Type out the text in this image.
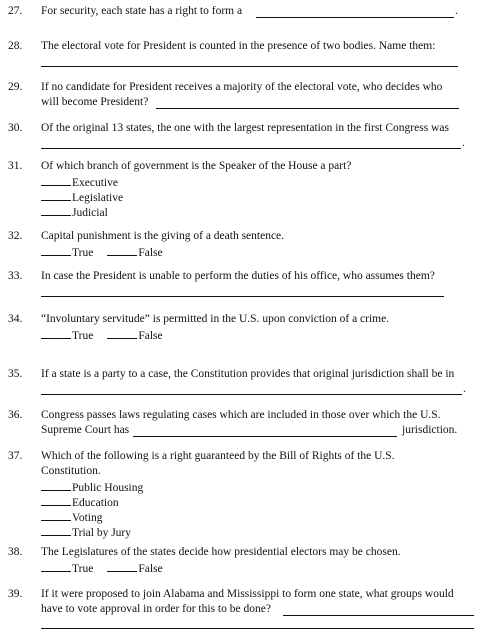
27. For security, each state has a right to form a	.
28. The electoral vote for President is counted in the presence of two bodies. Name them:
29. If no candidate for President receives a majority of the electoral vote, who decides who
will become President?
30. Of the original 13 states, the one with the largest representation in the first Congress was
.
31. Of which branch of government is the Speaker of the House a part?
Executive
Legislative
Judicial
32. Capital punishment is the giving of a death sentence.
True	False
33. In case the President is unable to perform the duties of his office, who assumes them?
34. “Involuntary servitude” is permitted in the U.S. upon conviction of a crime.
True	False
35. If a state is a party to a case, the Constitution provides that original jurisdiction shall be in
.
36. Congress passes laws regulating cases which are included in those over which the U.S.
Supreme Court has	jurisdiction.
37. Which of the following is a right guaranteed by the Bill of Rights of the U.S.
Constitution.
Public Housing
Education
Voting
Trial by Jury
38. The Legislatures of the states decide how presidential electors may be chosen.
True	False
39. If it were proposed to join Alabama and Mississippi to form one state, what groups would
have to vote approval in order for this to be done?
